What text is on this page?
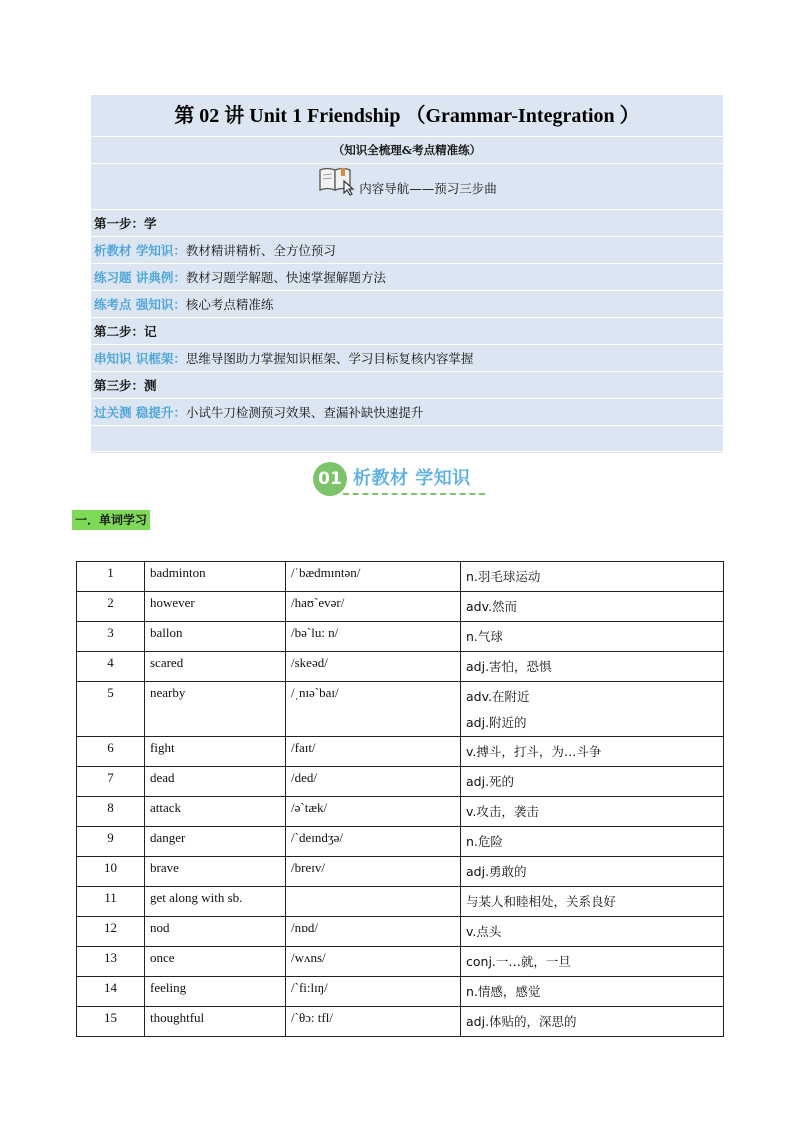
第 02 讲 Unit 1 Friendship （Grammar-Integration ）
（知识全梳理&考点精准练）
内容导航——预习三步曲
第一步：学
析教材 学知识：教材精讲精析、全方位预习
练习题 讲典例：教材习题学解题、快速掌握解题方法
练考点 强知识：核心考点精准练
第二步：记
串知识 识框架：思维导图助力掌握知识框架、学习目标复核内容掌握
第三步：测
过关测 稳提升：小试牛刀检测预习效果、查漏补缺快速提升
01 析教材 学知识
一．单词学习
1	badminton	/ˈbædmɪntən/	n.羽毛球运动

2	however	/haʊˋevər/	adv.然而

3	ballon	/bəˋlu: n/	n.气球

4	scared	/skeəd/	adj.害怕，恐惧

5	nearby	/ˌnɪəˋbaɪ/	adv.在附近
adj.附近的

6	fight	/faɪt/	v.搏斗，打斗，为…斗争

7	dead	/ded/	adj.死的

8	attack	/əˋtæk/	v.攻击，袭击

9	danger	/ˋdeɪndʒə/	n.危险

10	brave	/breɪv/	adj.勇敢的

11	get along with sb.		与某人和睦相处，关系良好

12	nod	/nɒd/	v.点头

13	once	/wʌns/	conj.一…就，一旦

14	feeling	/ˋfi:lɪŋ/	n.情感，感觉

15	thoughtful	/ˋθɔ: tfl/	adj.体贴的，深思的
